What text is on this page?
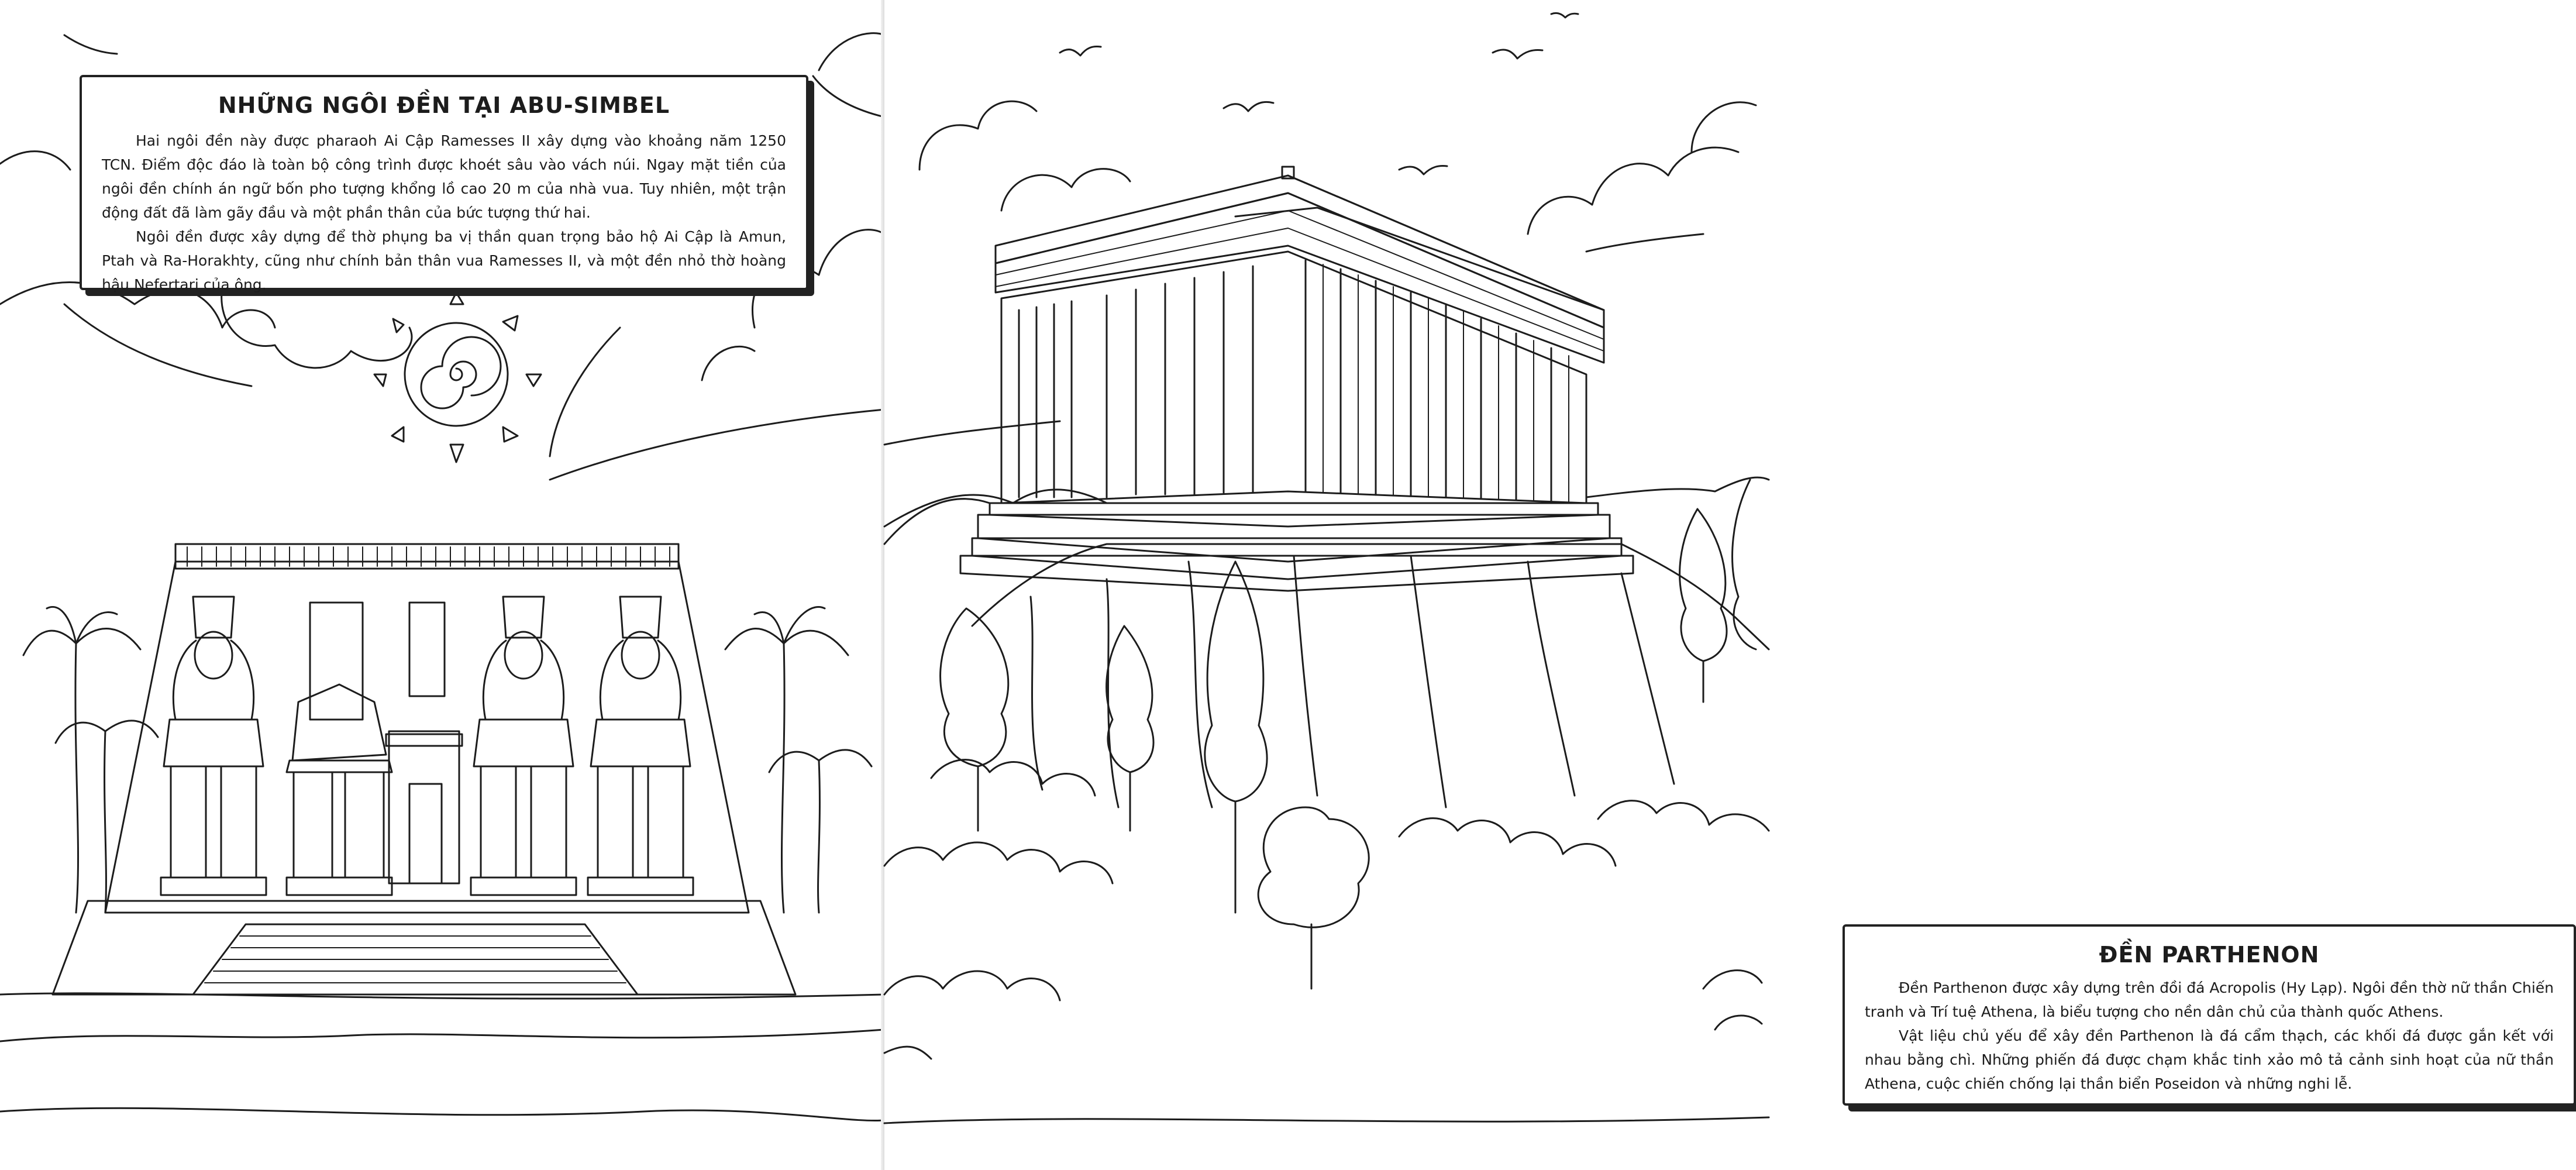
NHỮNG NGÔI ĐỀN TẠI ABU-SIMBEL

Hai ngôi đền này được pharaoh Ai Cập Ramesses II xây dựng vào khoảng năm 1250 TCN. Điểm độc đáo là toàn bộ công trình được khoét sâu vào vách núi. Ngay mặt tiền của ngôi đền chính án ngữ bốn pho tượng khổng lồ cao 20 m của nhà vua. Tuy nhiên, một trận động đất đã làm gãy đầu và một phần thân của bức tượng thứ hai.

Ngôi đền được xây dựng để thờ phụng ba vị thần quan trọng bảo hộ Ai Cập là Amun, Ptah và Ra-Horakhty, cũng như chính bản thân vua Ramesses II, và một đền nhỏ thờ hoàng hậu Nefertari của ông.

ĐỀN PARTHENON

Đền Parthenon được xây dựng trên đồi đá Acropolis (Hy Lạp). Ngôi đền thờ nữ thần Chiến tranh và Trí tuệ Athena, là biểu tượng cho nền dân chủ của thành quốc Athens.

Vật liệu chủ yếu để xây đền Parthenon là đá cẩm thạch, các khối đá được gắn kết với nhau bằng chì. Những phiến đá được chạm khắc tinh xảo mô tả cảnh sinh hoạt của nữ thần Athena, cuộc chiến chống lại thần biển Poseidon và những nghi lễ.
